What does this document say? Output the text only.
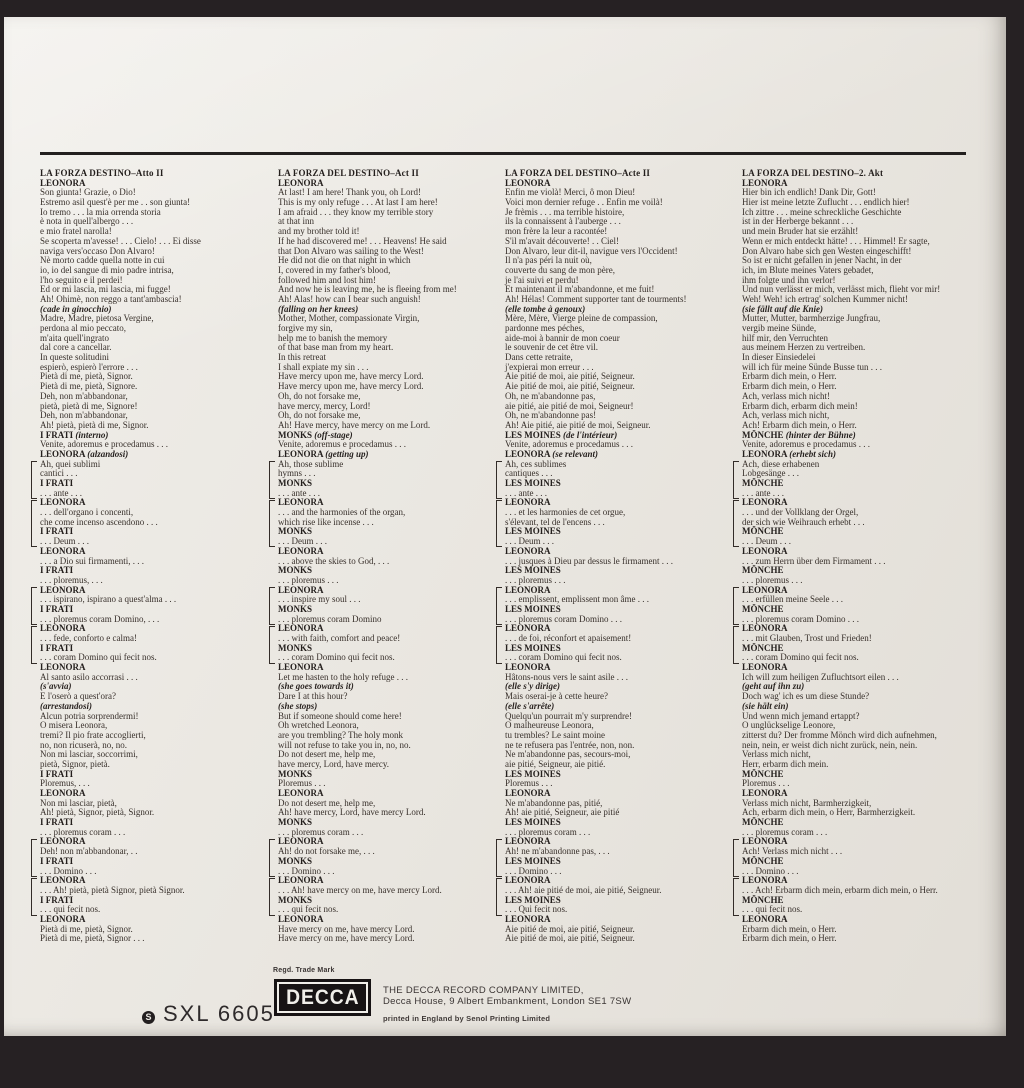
LA FORZA DESTINO–Atto II
LEONORA
Son giunta! Grazie, o Dio!
Estremo asil quest'è per me . . son giunta!
Io tremo . . . la mia orrenda storia
è nota in quell'albergo . . .
e mio fratel narolla!
Se scoperta m'avesse! . . . Cielo! . . . Ei disse
naviga vers'occaso Don Alvaro!
Nè morto cadde quella notte in cui
io, io del sangue di mio padre intrisa,
l'ho seguito e il perdei!
Ed or mi lascia, mi lascia, mi fugge!
Ah! Ohimè, non reggo a tant'ambascia!
(cade in ginocchio)
Madre, Madre, pietosa Vergine,
perdona al mio peccato,
m'aita quell'ingrato
dal core a cancellar.
In queste solitudini
espierò, espierò l'errore . . .
Pietà di me, pietà, Signor.
Pietà di me, pietà, Signore.
Deh, non m'abbandonar,
pietà, pietà di me, Signore!
Deh, non m'abbandonar,
Ah! pietà, pietà di me, Signor.
I FRATI (interno)
Venite, adoremus e procedamus . . .
LEONORA (alzandosi)
Ah, quei sublimi
cantici . . .
I FRATI
. . . ante . . .
LEONORA
. . . dell'organo i concenti,
che come incenso ascendono . . .
I FRATI
. . . Deum . . .
LEONORA
. . . a Dio sui firmamenti, . . .
I FRATI
. . . ploremus, . . .
LEONORA
. . . ispirano, ispirano a quest'alma . . .
I FRATI
. . . ploremus coram Domino, . . .
LEONORA
. . . fede, conforto e calma!
I FRATI
. . . coram Domino qui fecit nos.
LEONORA
Al santo asilo accorrasi . . .
(s'avvia)
E l'oserò a quest'ora?
(arrestandosi)
Alcun potria sorprendermi!
O misera Leonora,
tremi? Il pio frate accoglierti,
no, non ricuserà, no, no.
Non mi lasciar, soccorrimi,
pietà, Signor, pietà.
I FRATI
Ploremus, . . .
LEONORA
Non mi lasciar, pietà,
Ah! pietà, Signor, pietà, Signor.
I FRATI
. . . ploremus coram . . .
LEONORA
Deh! non m'abbandonar, . .
I FRATI
. . . Domino . . .
LEONORA
. . . Ah! pietà, pietà Signor, pietà Signor.
I FRATI
. . . qui fecit nos.
LEONORA
Pietà di me, pietà, Signor.
Pietà di me, pietà, Signor . . .
LA FORZA DEL DESTINO–Act II
LEONORA
At last! I am here! Thank you, oh Lord!
This is my only refuge . . . At last I am here!
I am afraid . . . they know my terrible story
at that inn
and my brother told it!
If he had discovered me! . . . Heavens! He said
that Don Alvaro was sailing to the West!
He did not die on that night in which
I, covered in my father's blood,
followed him and lost him!
And now he is leaving me, he is fleeing from me!
Ah! Alas! how can I bear such anguish!
(falling on her knees)
Mother, Mother, compassionate Virgin,
forgive my sin,
help me to banish the memory
of that base man from my heart.
In this retreat
I shall expiate my sin . . .
Have mercy upon me, have mercy Lord.
Have mercy upon me, have mercy Lord.
Oh, do not forsake me,
have mercy, mercy, Lord!
Oh, do not forsake me,
Ah! Have mercy, have mercy on me Lord.
MONKS (off-stage)
Venite, adoremus e procedamus . . .
LEONORA (getting up)
Ah, those sublime
hymns . . .
MONKS
. . . ante . . .
LEONORA
. . . and the harmonies of the organ,
which rise like incense . . .
MONKS
. . . Deum . . .
LEONORA
. . . above the skies to God, . . .
MONKS
. . . ploremus . . .
LEONORA
. . . inspire my soul . . .
MONKS
. . . ploremus coram Domino
LEONORA
. . . with faith, comfort and peace!
MONKS
. . . coram Domino qui fecit nos.
LEONORA
Let me hasten to the holy refuge . . .
(she goes towards it)
Dare I at this hour?
(she stops)
But if someone should come here!
Oh wretched Leonora,
are you trembling? The holy monk
will not refuse to take you in, no, no.
Do not desert me, help me,
have mercy, Lord, have mercy.
MONKS
Ploremus . . .
LEONORA
Do not desert me, help me,
Ah! have mercy, Lord, have mercy Lord.
MONKS
. . . ploremus coram . . .
LEONORA
Ah! do not forsake me, . . .
MONKS
. . . Domino . . .
LEONORA
. . . Ah! have mercy on me, have mercy Lord.
MONKS
. . . qui fecit nos.
LEONORA
Have mercy on me, have mercy Lord.
Have mercy on me, have mercy Lord.
LA FORZA DEL DESTINO–Acte II
LEONORA
Enfin me violà! Merci, ô mon Dieu!
Voici mon dernier refuge . . Enfin me voilà!
Je frèmis . . . ma terrible histoire,
ils la connaissent à l'auberge . . .
mon frère la leur a racontée!
S'il m'avait découverte! . . Ciel!
Don Alvaro, leur dit-il, navigue vers l'Occident!
Il n'a pas péri la nuit où,
couverte du sang de mon père,
je l'ai suivi et perdu!
Et maintenant il m'abandonne, et me fuit!
Ah! Hélas! Comment supporter tant de tourments!
(elle tombe à genoux)
Mère, Mère, Vierge pleine de compassion,
pardonne mes péches,
aide-moi à bannir de mon coeur
le souvenir de cet être vil.
Dans cette retraite,
j'expierai mon erreur . . .
Aie pitié de moi, aie pitié, Seigneur.
Aie pitié de moi, aie pitié, Seigneur.
Oh, ne m'abandonne pas,
aie pitié, aie pitié de moi, Seigneur!
Oh, ne m'abandonne pas!
Ah! Aie pitié, aie pitié de moi, Seigneur.
LES MOINES (de l'intérieur)
Venite, adoremus e procedamus . . .
LEONORA (se relevant)
Ah, ces sublimes
cantiques . . .
LES MOINES
. . . ante . . .
LEONORA
. . . et les harmonies de cet orgue,
s'élevant, tel de l'encens . . .
LES MOINES
. . . Deum . . .
LEONORA
. . . jusques à Dieu par dessus le firmament . . .
LES MOINES
. . . ploremus . . .
LEONORA
. . . emplissent, emplissent mon âme . . .
LES MOINES
. . . ploremus coram Domino . . .
LEONORA
. . . de foi, réconfort et apaisement!
LES MOINES
. . . coram Domino qui fecit nos.
LEONORA
Hâtons-nous vers le saint asile . . .
(elle s'y dirige)
Mais oserai-je à cette heure?
(elle s'arrête)
Quelqu'un pourrait m'y surprendre!
O malheureuse Leonora,
tu trembles? Le saint moine
ne te refusera pas l'entrée, non, non.
Ne m'abandonne pas, secours-moi,
aie pitié, Seigneur, aie pitié.
LES MOINES
Ploremus . . .
LEONORA
Ne m'abandonne pas, pitié,
Ah! aie pitié, Seigneur, aie pitié
LES MOINES
. . . ploremus coram . . .
LEONORA
Ah! ne m'abandonne pas, . . .
LES MOINES
. . . Domino . . .
LEONORA
. . . Ah! aie pitié de moi, aie pitié, Seigneur.
LES MOINES
. . . Qui fecit nos.
LEONORA
Aie pitié de moi, aie pitié, Seigneur.
Aie pitié de moi, aie pitié, Seigneur.
LA FORZA DEL DESTINO–2. Akt
LEONORA
Hier bin ich endlich! Dank Dir, Gott!
Hier ist meine letzte Zuflucht . . . endlich hier!
Ich zittre . . . meine schreckliche Geschichte
ist in der Herberge bekannt . . .
und mein Bruder hat sie erzählt!
Wenn er mich entdeckt hätte! . . . Himmel! Er sagte,
Don Alvaro habe sich gen Westen eingeschifft!
So ist er nicht gefallen in jener Nacht, in der
ich, im Blute meines Vaters gebadet,
ihm folgte und ihn verlor!
Und nun verlässt er mich, verlässt mich, flieht vor mir!
Weh! Weh! ich ertrag' solchen Kummer nicht!
(sie fällt auf die Knie)
Mutter, Mutter, barmherzige Jungfrau,
vergib meine Sünde,
hilf mir, den Verruchten
aus meinem Herzen zu vertreiben.
In dieser Einsiedelei
will ich für meine Sünde Busse tun . . .
Erbarm dich mein, o Herr.
Erbarm dich mein, o Herr.
Ach, verlass mich nicht!
Erbarm dich, erbarm dich mein!
Ach, verlass mich nicht,
Ach! Erbarm dich mein, o Herr.
MÖNCHE (hinter der Bühne)
Venite, adoremus e procedamus . . .
LEONORA (erhebt sich)
Ach, diese erhabenen
Lobgesänge . . .
MÖNCHE
. . . ante . . .
LEONORA
. . . und der Vollklang der Orgel,
der sich wie Weihrauch erhebt . . .
MÖNCHE
. . . Deum . . .
LEONORA
. . . zum Herrn über dem Firmament . . .
MÖNCHE
. . . ploremus . . .
LEONORA
. . . erfüllen meine Seele . . .
MÖNCHE
. . . ploremus coram Domino . . .
LEONORA
. . . mit Glauben, Trost und Frieden!
MÖNCHE
. . . coram Domino qui fecit nos.
LEONORA
Ich will zum heiligen Zufluchtsort eilen . . .
(geht auf ihn zu)
Doch wag' ich es um diese Stunde?
(sie hält ein)
Und wenn mich jemand ertappt?
O unglückselige Leonore,
zitterst du? Der fromme Mönch wird dich aufnehmen,
nein, nein, er weist dich nicht zurück, nein, nein.
Verlass mich nicht,
Herr, erbarm dich mein.
MÖNCHE
Ploremus . . .
LEONORA
Verlass mich nicht, Barmherzigkeit,
Ach, erbarm dich mein, o Herr, Barmherzigkeit.
MÖNCHE
. . . ploremus coram . . .
LEONORA
Ach! Verlass mich nicht . . .
MÖNCHE
. . . Domino . . .
LEONORA
. . . Ach! Erbarm dich mein, erbarm dich mein, o Herr.
MÖNCHE
. . . qui fecit nos.
LEONORA
Erbarm dich mein, o Herr.
Erbarm dich mein, o Herr.
Regd. Trade Mark
DECCA	THE DECCA RECORD COMPANY LIMITED,
Decca House, 9 Albert Embankment, London SE1 7SW
printed in England by Senol Printing Limited
S SXL 6605
